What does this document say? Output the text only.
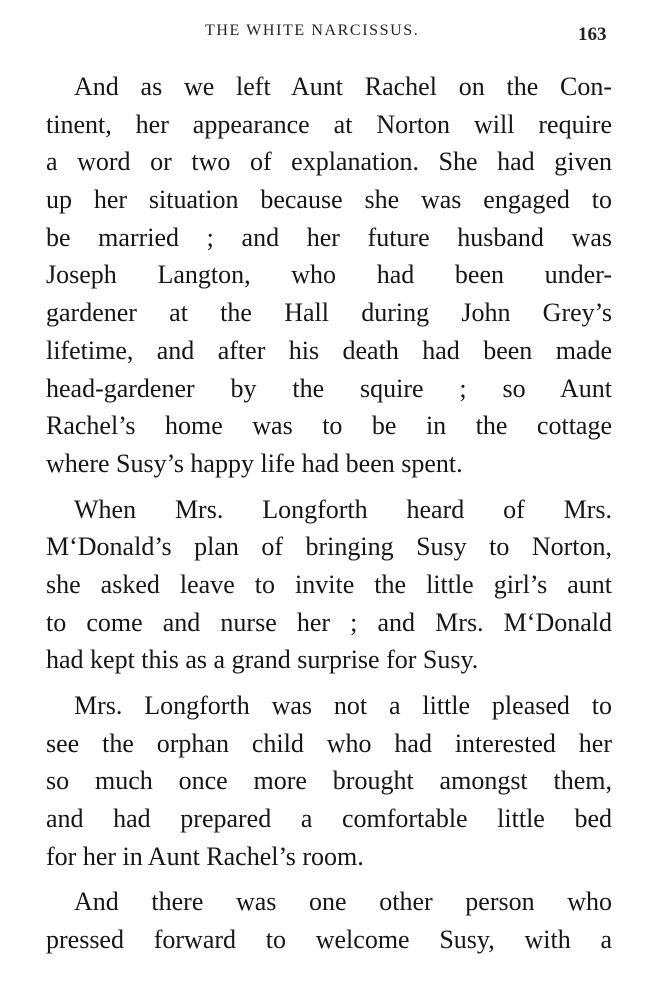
THE WHITE NARCISSUS.	163
And as we left Aunt Rachel on the Con-
tinent, her appearance at Norton will require
a word or two of explanation. She had given
up her situation because she was engaged to
be married ; and her future husband was
Joseph Langton, who had been under-
gardener at the Hall during John Grey’s
lifetime, and after his death had been made
head-gardener by the squire ; so Aunt
Rachel’s home was to be in the cottage
where Susy’s happy life had been spent.
When Mrs. Longforth heard of Mrs.
M‘Donald’s plan of bringing Susy to Norton,
she asked leave to invite the little girl’s aunt
to come and nurse her ; and Mrs. M‘Donald
had kept this as a grand surprise for Susy.
Mrs. Longforth was not a little pleased to
see the orphan child who had interested her
so much once more brought amongst them,
and had prepared a comfortable little bed
for her in Aunt Rachel’s room.
And there was one other person who
pressed forward to welcome Susy, with a
